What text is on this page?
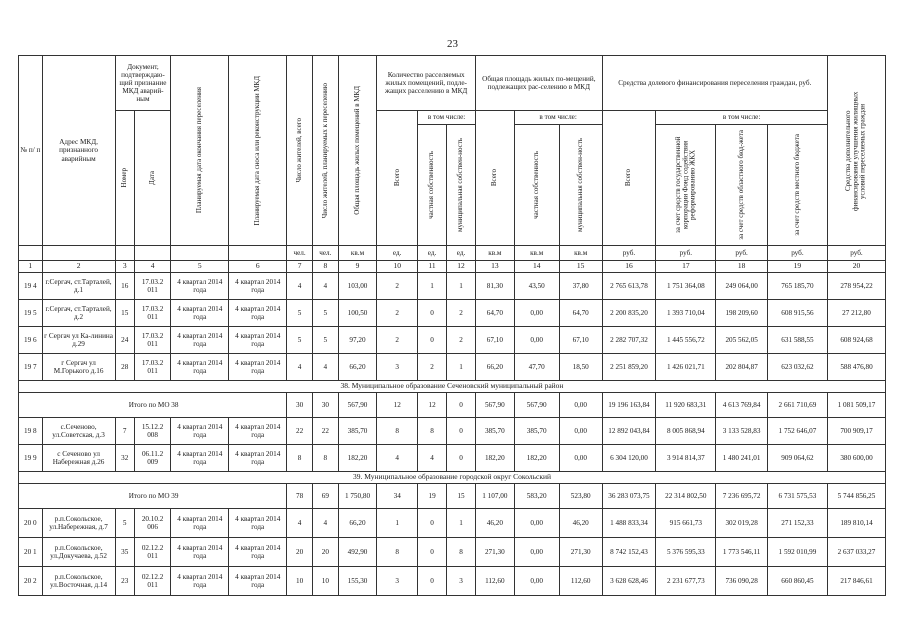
23
№ п/ п	Адрес МКД, признанного аварийным	Документ, подтверждаю-щий признание МКД аварий-ным		Планируемая дата окончания переселения	Планируемая дата сноса или реконструкции МКД	Число жителей, всего	Число жителей, планируемых к переселению	Общая площадь жилых помещений в МКД	Количество расселяемых жилых помещений, подле-жащих расселению в МКД			Общая площадь жилых по-мещений, подлежащих рас-селению в МКД			Средства долевого финансирования переселения граждан, руб.				Средства дополнительного финансирования улучшения жилищных условий переселяемых граждан

		Номер	Дата						Всего	в том числе:		Всего	в том числе:		Всего	в том числе:			

										частная собственность	муниципальная собствен-ность		частная собственность	муниципальная собствен-ность		за счет средств государственной корпорации Фонд содействия реформированию ЖКХ	за счет средств областного бюд-жета	за счет средств местного бюджета	

						чел.	чел.	кв.м	ед.	ед.	ед.	кв.м	кв.м	кв.м	руб.	руб.	руб.	руб.	руб.
1	2	3	4	5	6	7	8	9	10	11	12	13	14	15	16	17	18	19	20
19 4	г.Сергач, ст.Тарталей, д.1	16	17.03.2 011	4 квартал 2014 года	4 квартал 2014 года	4	4	103,00	2	1	1	81,30	43,50	37,80	2 765 613,78	1 751 364,08	249 064,00	765 185,70	278 954,22
19 5	г.Сергач, ст.Тарталей, д.2	15	17.03.2 011	4 квартал 2014 года	4 квартал 2014 года	5	5	100,50	2	0	2	64,70	0,00	64,70	2 200 835,20	1 393 710,04	198 209,60	608 915,56	27 212,80
19 6	г Сергач ул Ка-линина д.29	24	17.03.2 011	4 квартал 2014 года	4 квартал 2014 года	5	5	97,20	2	0	2	67,10	0,00	67,10	2 282 707,32	1 445 556,72	205 562,05	631 588,55	608 924,68
19 7	г Сергач ул М.Горького д.16	28	17.03.2 011	4 квартал 2014 года	4 квартал 2014 года	4	4	66,20	3	2	1	66,20	47,70	18,50	2 251 859,20	1 426 021,71	202 804,87	623 032,62	588 476,80
38. Муниципальное образование Сеченовский муниципальный район																			
Итого по МО 38						30	30	567,90	12	12	0	567,90	567,90	0,00	19 196 163,84	11 920 683,31	4 613 769,84	2 661 710,69	1 081 509,17
19 8	с.Сеченово, ул.Советская, д.3	7	15.12.2 008	4 квартал 2014 года	4 квартал 2014 года	22	22	385,70	8	8	0	385,70	385,70	0,00	12 892 043,84	8 005 868,94	3 133 528,83	1 752 646,07	700 909,17
19 9	с Сеченово ул Набережная д.26	32	06.11.2 009	4 квартал 2014 года	4 квартал 2014 года	8	8	182,20	4	4	0	182,20	182,20	0,00	6 304 120,00	3 914 814,37	1 480 241,01	909 064,62	380 600,00
39. Муниципальное образование городской округ Сокольский																			
Итого по МО 39						78	69	1 750,80	34	19	15	1 107,00	583,20	523,80	36 283 073,75	22 314 802,50	7 236 695,72	6 731 575,53	5 744 856,25
20 0	р.п.Сокольское, ул.Набережная, д.7	5	20.10.2 006	4 квартал 2014 года	4 квартал 2014 года	4	4	66,20	1	0	1	46,20	0,00	46,20	1 488 833,34	915 661,73	302 019,28	271 152,33	189 810,14
20 1	р.п.Сокольское, ул.Докучаева, д.52	35	02.12.2 011	4 квартал 2014 года	4 квартал 2014 года	20	20	492,90	8	0	8	271,30	0,00	271,30	8 742 152,43	5 376 595,33	1 773 546,11	1 592 010,99	2 637 033,27
20 2	р.п.Сокольское, ул.Восточная, д.14	23	02.12.2 011	4 квартал 2014 года	4 квартал 2014 года	10	10	155,30	3	0	3	112,60	0,00	112,60	3 628 628,46	2 231 677,73	736 090,28	660 860,45	217 846,61
